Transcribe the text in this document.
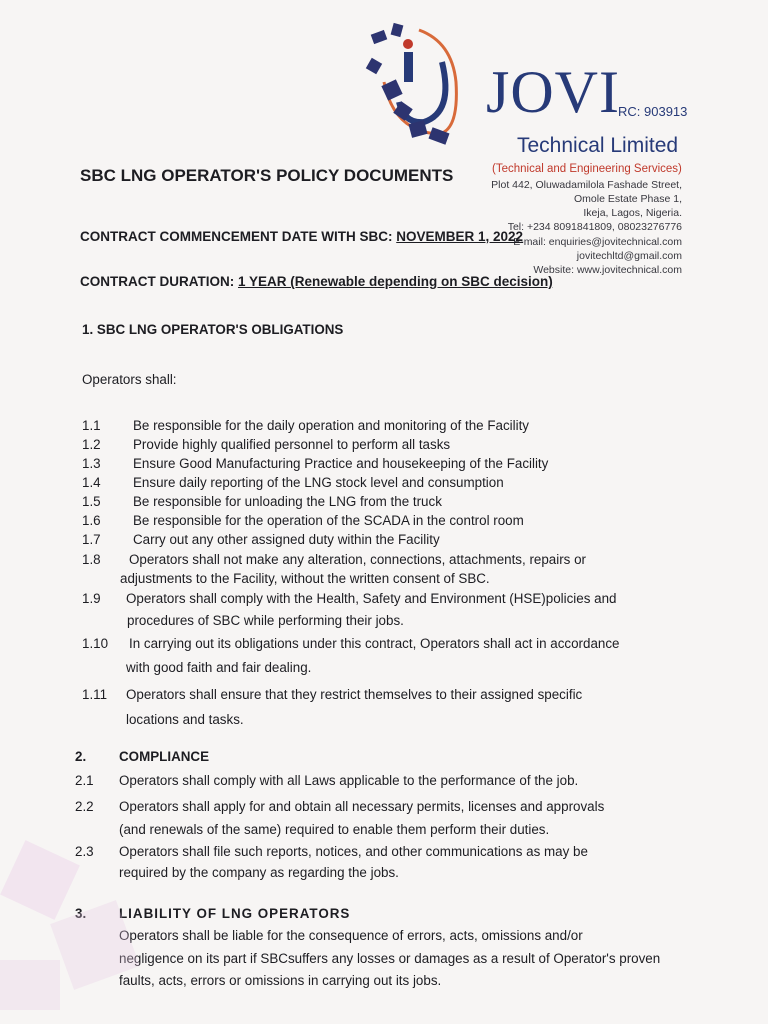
JOVI
RC: 903913
Technical Limited
(Technical and Engineering Services)
Plot 442, Oluwadamilola Fashade Street,
Omole Estate Phase 1,
Ikeja, Lagos, Nigeria.
Tel: +234 8091841809, 08023276776
E-mail: enquiries@jovitechnical.com
jovitechltd@gmail.com
Website: www.jovitechnical.com
SBC LNG OPERATOR'S POLICY DOCUMENTS
CONTRACT COMMENCEMENT DATE WITH SBC: NOVEMBER 1, 2022
CONTRACT DURATION: 1 YEAR (Renewable depending on SBC decision)
1. SBC LNG OPERATOR'S OBLIGATIONS
Operators shall:
1.1 Be responsible for the daily operation and monitoring of the Facility
1.2 Provide highly qualified personnel to perform all tasks
1.3 Ensure Good Manufacturing Practice and housekeeping of the Facility
1.4 Ensure daily reporting of the LNG stock level and consumption
1.5 Be responsible for unloading the LNG from the truck
1.6 Be responsible for the operation of the SCADA in the control room
1.7 Carry out any other assigned duty within the Facility
1.8 Operators shall not make any alteration, connections, attachments, repairs or
adjustments to the Facility, without the written consent of SBC.
1.9 Operators shall comply with the Health, Safety and Environment (HSE)policies and
procedures of SBC while performing their jobs.
1.10 In carrying out its obligations under this contract, Operators shall act in accordance
with good faith and fair dealing.
1.11 Operators shall ensure that they restrict themselves to their assigned specific
locations and tasks.
2. COMPLIANCE
2.1 Operators shall comply with all Laws applicable to the performance of the job.
2.2 Operators shall apply for and obtain all necessary permits, licenses and approvals
(and renewals of the same) required to enable them perform their duties.
2.3 Operators shall file such reports, notices, and other communications as may be
required by the company as regarding the jobs.
3. LIABILITY OF LNG OPERATORS
Operators shall be liable for the consequence of errors, acts, omissions and/or
negligence on its part if SBCsuffers any losses or damages as a result of Operator's proven
faults, acts, errors or omissions in carrying out its jobs.
